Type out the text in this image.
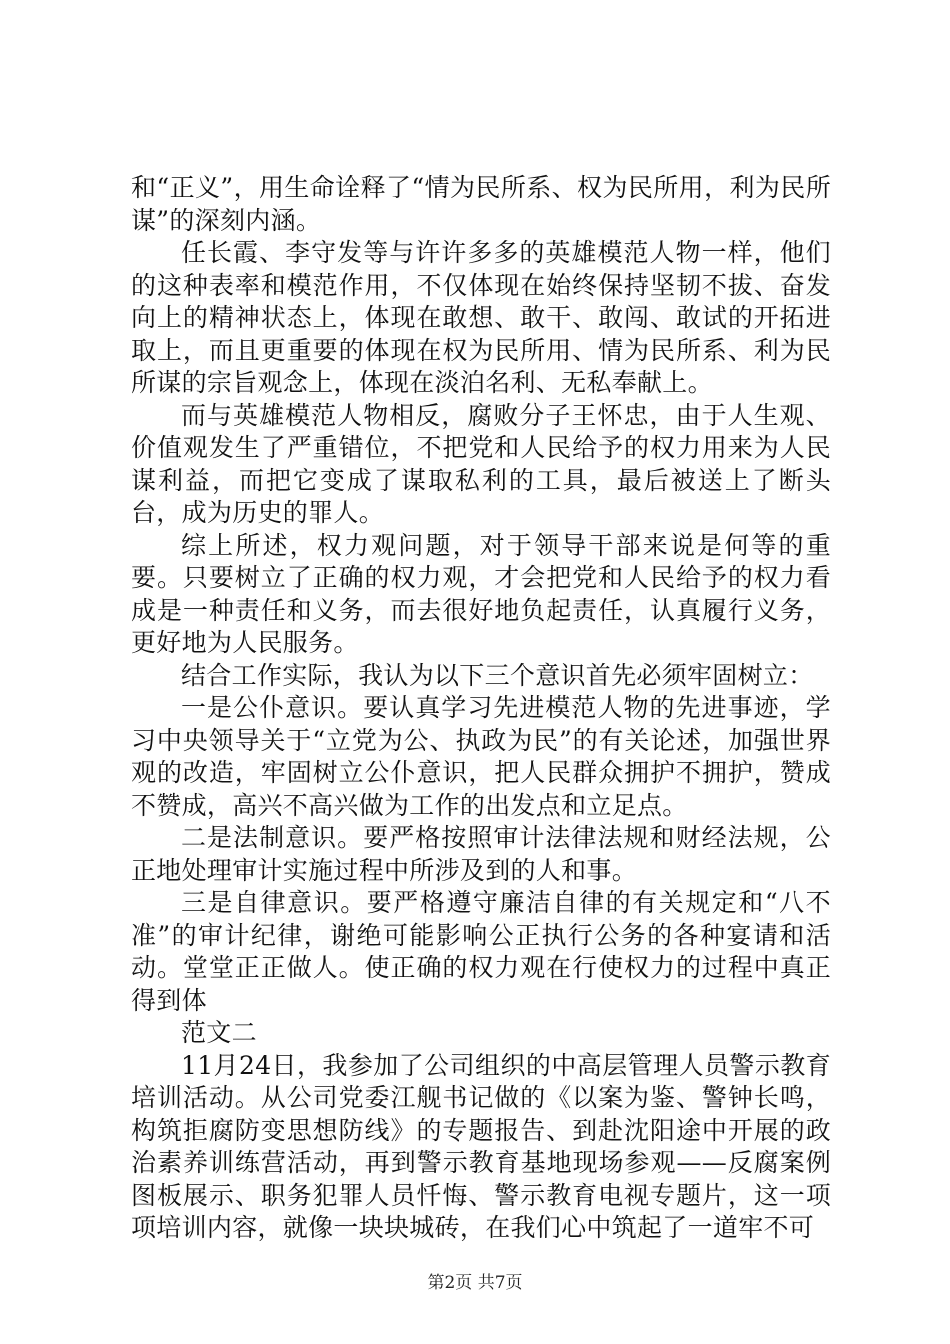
和“正义”，用生命诠释了“情为民所系、权为民所用，利为民所谋”的深刻内涵。

任长霞、李守发等与许许多多的英雄模范人物一样，他们的这种表率和模范作用，不仅体现在始终保持坚韧不拔、奋发向上的精神状态上，体现在敢想、敢干、敢闯、敢试的开拓进取上，而且更重要的体现在权为民所用、情为民所系、利为民所谋的宗旨观念上，体现在淡泊名利、无私奉献上。

而与英雄模范人物相反，腐败分子王怀忠，由于人生观、价值观发生了严重错位，不把党和人民给予的权力用来为人民谋利益，而把它变成了谋取私利的工具，最后被送上了断头台，成为历史的罪人。

综上所述，权力观问题，对于领导干部来说是何等的重要。只要树立了正确的权力观，才会把党和人民给予的权力看成是一种责任和义务，而去很好地负起责任，认真履行义务，更好地为人民服务。

结合工作实际，我认为以下三个意识首先必须牢固树立：

一是公仆意识。要认真学习先进模范人物的先进事迹，学习中央领导关于“立党为公、执政为民”的有关论述，加强世界观的改造，牢固树立公仆意识，把人民群众拥护不拥护，赞成不赞成，高兴不高兴做为工作的出发点和立足点。

二是法制意识。要严格按照审计法律法规和财经法规，公正地处理审计实施过程中所涉及到的人和事。

三是自律意识。要严格遵守廉洁自律的有关规定和“八不准”的审计纪律，谢绝可能影响公正执行公务的各种宴请和活动。堂堂正正做人。使正确的权力观在行使权力的过程中真正得到体

范文二

11月24日，我参加了公司组织的中高层管理人员警示教育培训活动。从公司党委江舰书记做的《以案为鉴、警钟长鸣，构筑拒腐防变思想防线》的专题报告、到赴沈阳途中开展的政治素养训练营活动，再到警示教育基地现场参观——反腐案例图板展示、职务犯罪人员忏悔、警示教育电视专题片，这一项项培训内容，就像一块块城砖，在我们心中筑起了一道牢不可

第2页 共7页
